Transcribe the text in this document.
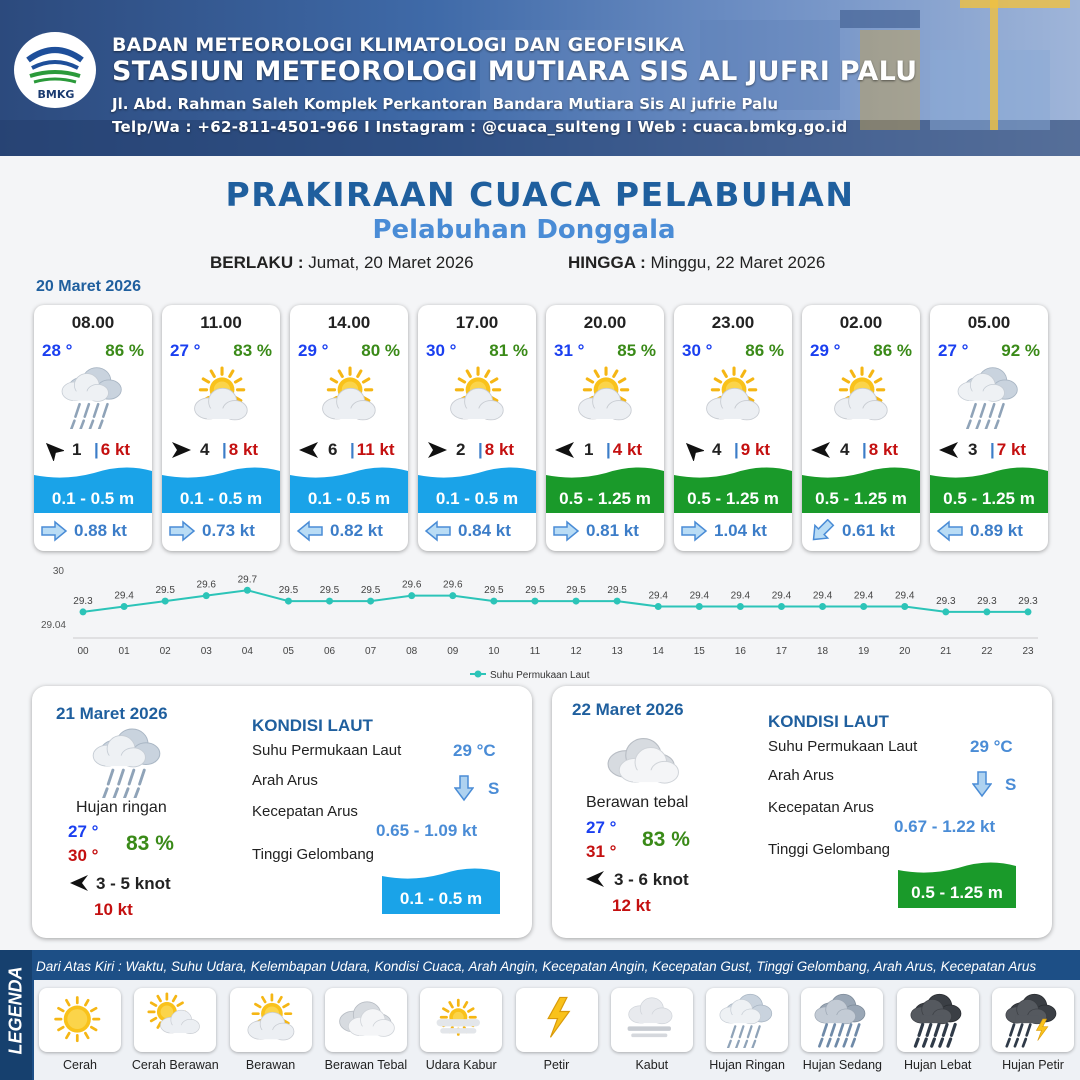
BMKG
BADAN METEOROLOGI KLIMATOLOGI DAN GEOFISIKA
STASIUN METEOROLOGI MUTIARA SIS AL JUFRI PALU
Jl. Abd. Rahman Saleh Komplek Perkantoran Bandara Mutiara Sis Al jufrie Palu
Telp/Wa : +62-811-4501-966 I Instagram : @cuaca_sulteng I Web : cuaca.bmkg.go.id
PRAKIRAAN CUACA PELABUHAN
Pelabuhan Donggala
BERLAKU : Jumat, 20 Maret 2026	HINGGA : Minggu, 22 Maret 2026
20 Maret 2026
08.00
28 ° 86 %
1 | 6 kt
0.1 - 0.5 m
0.88 kt
11.00
27 ° 83 %
4 | 8 kt
0.1 - 0.5 m
0.73 kt
14.00
29 ° 80 %
6 | 11 kt
0.1 - 0.5 m
0.82 kt
17.00
30 ° 81 %
2 | 8 kt
0.1 - 0.5 m
0.84 kt
20.00
31 ° 85 %
1 | 4 kt
0.5 - 1.25 m
0.81 kt
23.00
30 ° 86 %
4 | 9 kt
0.5 - 1.25 m
1.04 kt
02.00
29 ° 86 %
4 | 8 kt
0.5 - 1.25 m
0.61 kt
05.00
27 ° 92 %
3 | 7 kt
0.5 - 1.25 m
0.89 kt
30
29.04
29.3
00
29.4
01
29.5
02
29.6
03
29.7
04
29.5
05
29.5
06
29.5
07
29.6
08
29.6
09
29.5
10
29.5
11
29.5
12
29.5
13
29.4
14
29.4
15
29.4
16
29.4
17
29.4
18
29.4
19
29.4
20
29.3
21
29.3
22
29.3
23
Suhu Permukaan Laut
21 Maret 2026
Hujan ringan
27 °
30 °
83 %
3 - 5 knot
10 kt
KONDISI LAUT
Suhu Permukaan Laut	29 °C
Arah Arus	S
Kecepatan Arus
0.65 - 1.09 kt
Tinggi Gelombang
0.1 - 0.5 m
22 Maret 2026
Berawan tebal
27 °
31 °
83 %
3 - 6 knot
12 kt
KONDISI LAUT
Suhu Permukaan Laut	29 °C
Arah Arus	S
Kecepatan Arus
0.67 - 1.22 kt
Tinggi Gelombang
0.5 - 1.25 m
LEGENDA Dari Atas Kiri : Waktu, Suhu Udara, Kelembapan Udara, Kondisi Cuaca, Arah Angin, Kecepatan Angin, Kecepatan Gust, Tinggi Gelombang, Arah Arus, Kecepatan Arus
Cerah	Cerah Berawan	Berawan	Berawan Tebal	Udara Kabur	Petir	Kabut	Hujan Ringan	Hujan Sedang	Hujan Lebat	Hujan Petir
